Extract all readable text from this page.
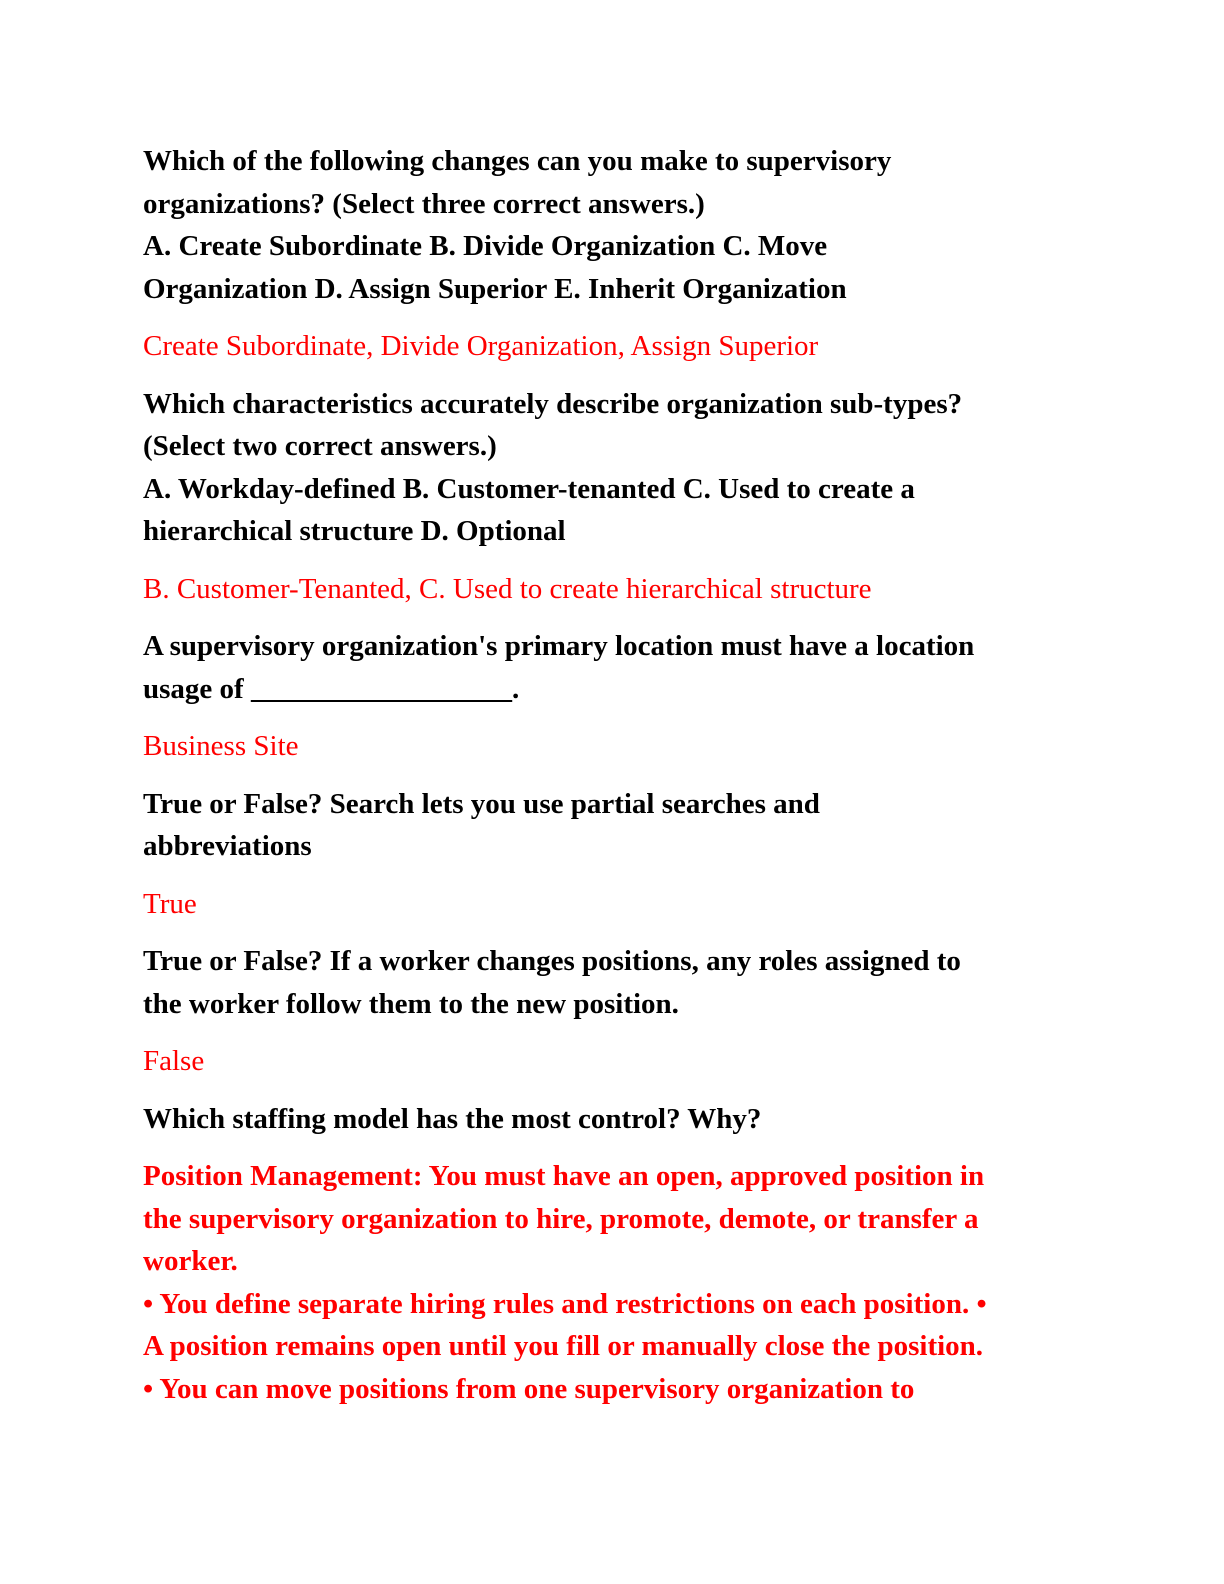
Which of the following changes can you make to supervisory
organizations? (Select three correct answers.)
A. Create Subordinate B. Divide Organization C. Move
Organization D. Assign Superior E. Inherit Organization

Create Subordinate, Divide Organization, Assign Superior

Which characteristics accurately describe organization sub-types?
(Select two correct answers.)
A. Workday-defined B. Customer-tenanted C. Used to create a
hierarchical structure D. Optional

B. Customer-Tenanted, C. Used to create hierarchical structure

A supervisory organization's primary location must have a location
usage of __________________.

Business Site

True or False? Search lets you use partial searches and
abbreviations

True

True or False? If a worker changes positions, any roles assigned to
the worker follow them to the new position.

False

Which staffing model has the most control? Why?

Position Management: You must have an open, approved position in
the supervisory organization to hire, promote, demote, or transfer a
worker.
• You define separate hiring rules and restrictions on each position. •
A position remains open until you fill or manually close the position.
• You can move positions from one supervisory organization to
